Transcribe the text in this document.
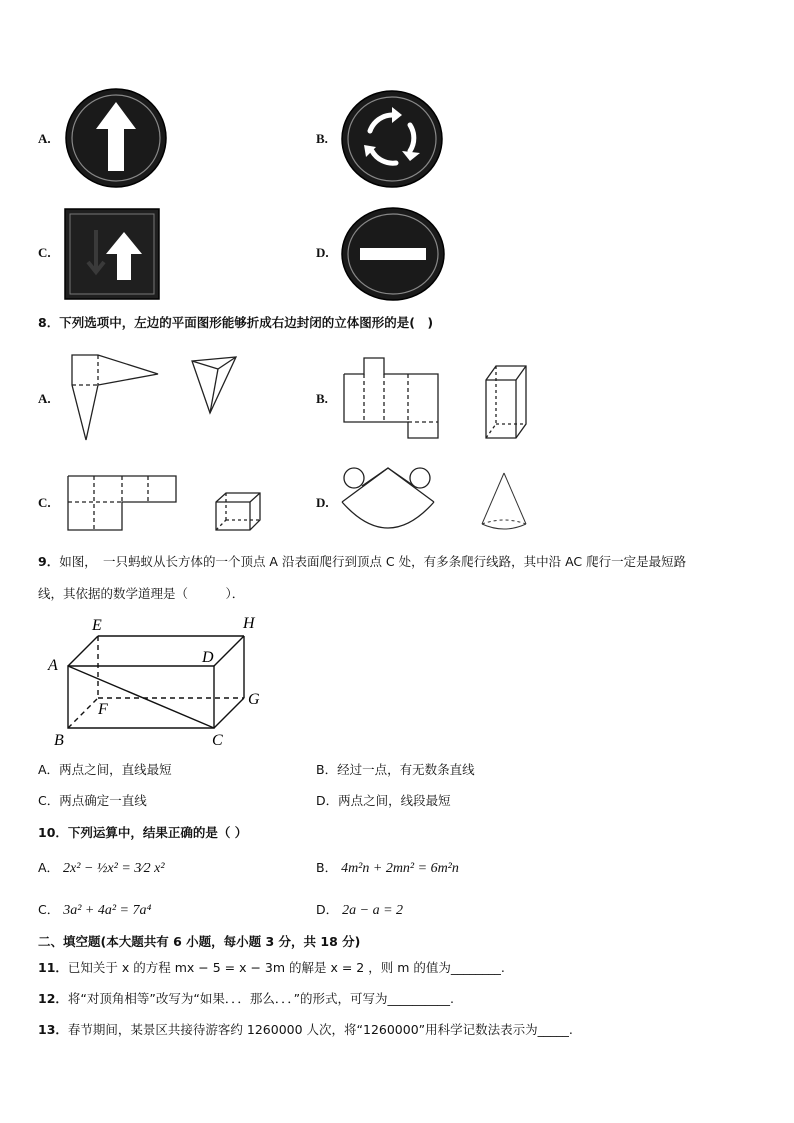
A.	B.
C.	D.
8．下列选项中，左边的平面图形能够折成右边封闭的立体图形的是(　)
A.	B.
C.	D.
9．如图，　一只蚂蚁从长方体的一个顶点 A 沿表面爬行到顶点 C 处，有多条爬行线路，其中沿 AC 爬行一定是最短路
线，其依据的数学道理是（　　　）．
A
E	H
D
G
F
B	C
A．两点之间，直线最短	B．经过一点，有无数条直线
C．两点确定一直线	D．两点之间，线段最短
10．下列运算中，结果正确的是（ ）
A． 2x² − ½x² = 3⁄2 x²	B． 4m²n + 2mn² = 6m²n
C． 3a² + 4a² = 7a⁴	D． 2a − a = 2
二、填空题(本大题共有 6 小题，每小题 3 分，共 18 分)
11．已知关于 x 的方程 mx − 5 = x − 3m 的解是 x = 2 ，则 m 的值为________.
12．将“对顶角相等”改写为“如果．．．那么．．．”的形式，可写为__________.
13．春节期间，某景区共接待游客约 1260000 人次，将“1260000”用科学记数法表示为_____.
